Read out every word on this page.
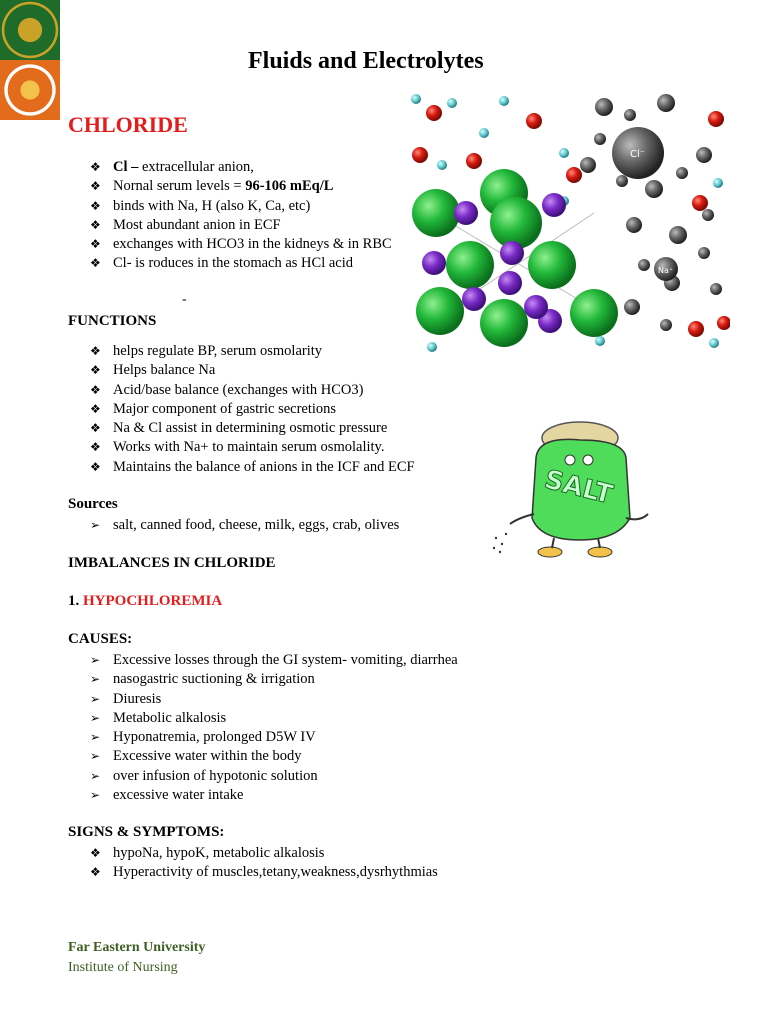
Fluids and Electrolytes
CHLORIDE
❖
Cl – extracellular anion,
❖
Nornal serum levels = 96-106 mEq/L
❖
binds with Na, H (also K, Ca, etc)
❖
Most abundant anion in ECF
❖
exchanges with HCO3 in the kidneys & in RBC
❖
Cl- is roduces in the stomach as HCl acid
-
Cl⁻
Na⁺
FUNCTIONS
❖
helps regulate BP, serum osmolarity
❖
Helps balance Na
❖
Acid/base balance (exchanges with HCO3)
❖
Major component of gastric secretions
❖
Na & Cl assist in determining osmotic pressure
❖
Works with Na+ to maintain serum osmolality.
❖
Maintains the balance of anions in the ICF and ECF	SALT
Sources
➢
salt, canned food, cheese, milk, eggs, crab, olives
IMBALANCES IN CHLORIDE
1. HYPOCHLOREMIA
CAUSES:
➢
Excessive losses through the GI system- vomiting, diarrhea
➢
nasogastric suctioning & irrigation
➢
Diuresis
➢
Metabolic alkalosis
➢
Hyponatremia, prolonged D5W IV
➢
Excessive water within the body
➢
over infusion of hypotonic solution
➢
excessive water intake
SIGNS & SYMPTOMS:
❖
hypoNa, hypoK, metabolic alkalosis
❖
Hyperactivity of muscles,tetany,weakness,dysrhythmias
Far Eastern University
Institute of Nursing
